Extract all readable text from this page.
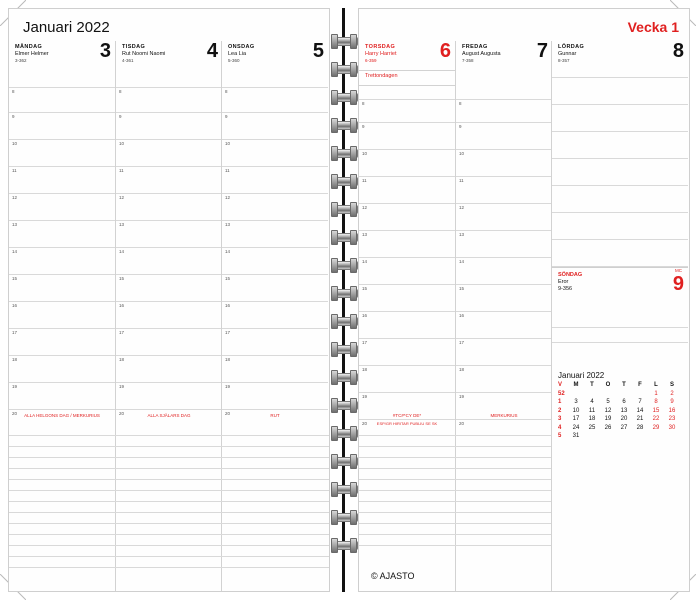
Januari 2022
MÅNDAG
Elmer Helmer
3-362	3
8
9
10
11
12
13
14
15
16
17
18
19
20	ALLA HELGONS DAG / MERKURIUS
TISDAG
Rut Noomi Naomi
4-361	4
8
9
10
11
12
13
14
15
16
17
18
19
20	ALLA SJÄLARS DAG
ONSDAG
Lea Lia
5-360	5
8
9
10
11
12
13
14
15
16
17
18
19
20	RUT
Vecka 1
TORSDAG
Harry Harriet
6-359	6
Trettondagen
8
9
10
11
12
13
14
15
16
17
18
19
20
#TC#*CY DE*
ESP/GR HIRITAR PUBLIU SE SK
FREDAG
August Augusta
7-358	7
8
9
10
11
12
13
14
15
16
17
18
19
20
MERKURIUS
LÖRDAG
Gunnar
8-357	8
MC
SÖNDAG
Eror
9-356	9
Januari 2022
V	M	T	O	T	F	L	S
52						1	2
1	3	4	5	6	7	8	9
2	10	11	12	13	14	15	16
3	17	18	19	20	21	22	23
4	24	25	26	27	28	29	30
5	31						
© AJASTO
